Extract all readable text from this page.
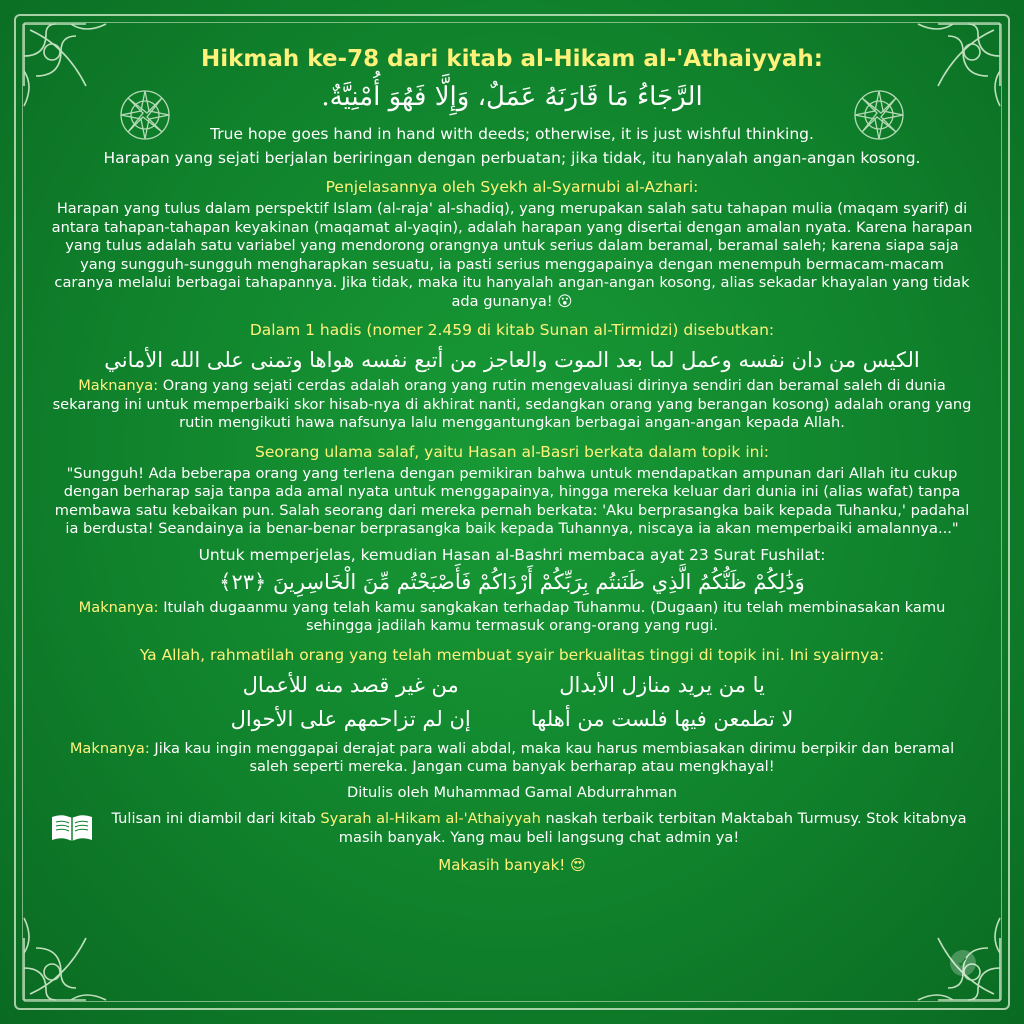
Hikmah ke-78 dari kitab al-Hikam al-'Athaiyyah:

الرَّجَاءُ مَا قَارَنَهُ عَمَلٌ، وَإِلَّا فَهُوَ أُمْنِيَّةٌ.

True hope goes hand in hand with deeds; otherwise, it is just wishful thinking.

Harapan yang sejati berjalan beriringan dengan perbuatan; jika tidak, itu hanyalah angan-angan kosong.

Penjelasannya oleh Syekh al-Syarnubi al-Azhari:

Harapan yang tulus dalam perspektif Islam (al-raja' al-shadiq), yang merupakan salah satu tahapan mulia (maqam syarif) di antara tahapan-tahapan keyakinan (maqamat al-yaqin), adalah harapan yang disertai dengan amalan nyata. Karena harapan yang tulus adalah satu variabel yang mendorong orangnya untuk serius dalam beramal, beramal saleh; karena siapa saja yang sungguh-sungguh mengharapkan sesuatu, ia pasti serius menggapainya dengan menempuh bermacam-macam caranya melalui berbagai tahapannya. Jika tidak, maka itu hanyalah angan-angan kosong, alias sekadar khayalan yang tidak ada gunanya! 😮

Dalam 1 hadis (nomer 2.459 di kitab Sunan al-Tirmidzi) disebutkan:

الكيس من دان نفسه وعمل لما بعد الموت والعاجز من أتبع نفسه هواها وتمنى على الله الأماني

Maknanya: Orang yang sejati cerdas adalah orang yang rutin mengevaluasi dirinya sendiri dan beramal saleh di dunia sekarang ini untuk memperbaiki skor hisab-nya di akhirat nanti, sedangkan orang yang berangan kosong) adalah orang yang rutin mengikuti hawa nafsunya lalu menggantungkan berbagai angan-angan kepada Allah.

Seorang ulama salaf, yaitu Hasan al-Basri berkata dalam topik ini:

"Sungguh! Ada beberapa orang yang terlena dengan pemikiran bahwa untuk mendapatkan ampunan dari Allah itu cukup dengan berharap saja tanpa ada amal nyata untuk menggapainya, hingga mereka keluar dari dunia ini (alias wafat) tanpa membawa satu kebaikan pun. Salah seorang dari mereka pernah berkata: 'Aku berprasangka baik kepada Tuhanku,' padahal ia berdusta! Seandainya ia benar-benar berprasangka baik kepada Tuhannya, niscaya ia akan memperbaiki amalannya..."

Untuk memperjelas, kemudian Hasan al-Bashri membaca ayat 23 Surat Fushilat:

وَذَٰلِكُمْ ظَنُّكُمُ الَّذِي ظَنَنتُم بِرَبِّكُمْ أَرْدَاكُمْ فَأَصْبَحْتُم مِّنَ الْخَاسِرِينَ ﴿٢٣﴾

Maknanya: Itulah dugaanmu yang telah kamu sangkakan terhadap Tuhanmu. (Dugaan) itu telah membinasakan kamu sehingga jadilah kamu termasuk orang-orang yang rugi.

Ya Allah, rahmatilah orang yang telah membuat syair berkualitas tinggi di topik ini. Ini syairnya:
يا من يريد منازل الأبدال
لا تطمعن فيها فلست من أهلها
من غير قصد منه للأعمال
إن لم تزاحمهم على الأحوال

Maknanya: Jika kau ingin menggapai derajat para wali abdal, maka kau harus membiasakan dirimu berpikir dan beramal saleh seperti mereka. Jangan cuma banyak berharap atau mengkhayal!

Ditulis oleh Muhammad Gamal Abdurrahman

Tulisan ini diambil dari kitab Syarah al-Hikam al-'Athaiyyah naskah terbaik terbitan Maktabah Turmusy. Stok kitabnya masih banyak. Yang mau beli langsung chat admin ya!

Makasih banyak! 😍

✓
